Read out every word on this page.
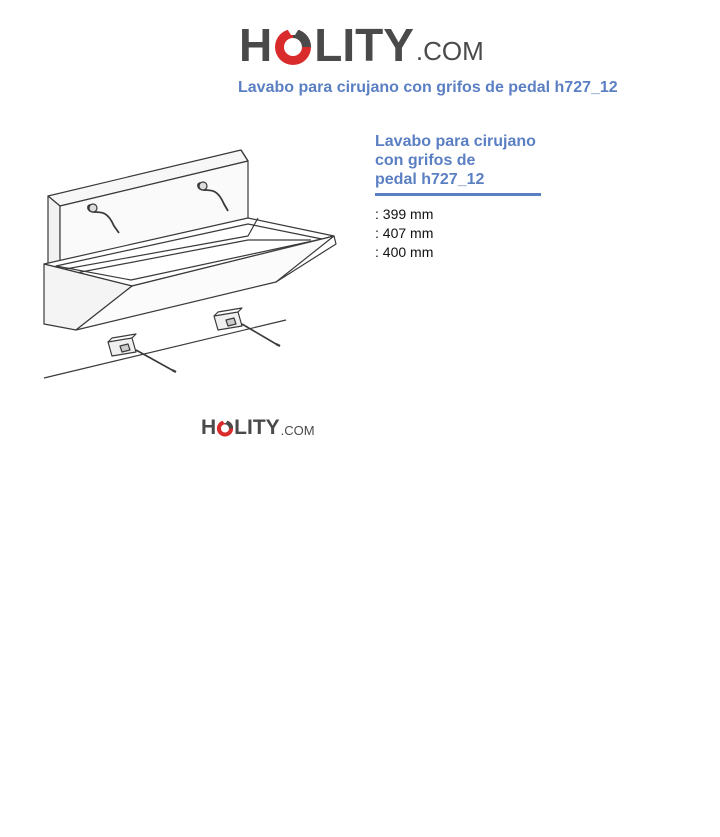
H LITY .COM
Lavabo para cirujano con grifos de pedal h727_12
H LITY .COM
Lavabo para cirujano
con grifos de
pedal h727_12
: 399 mm
: 407 mm
: 400 mm
